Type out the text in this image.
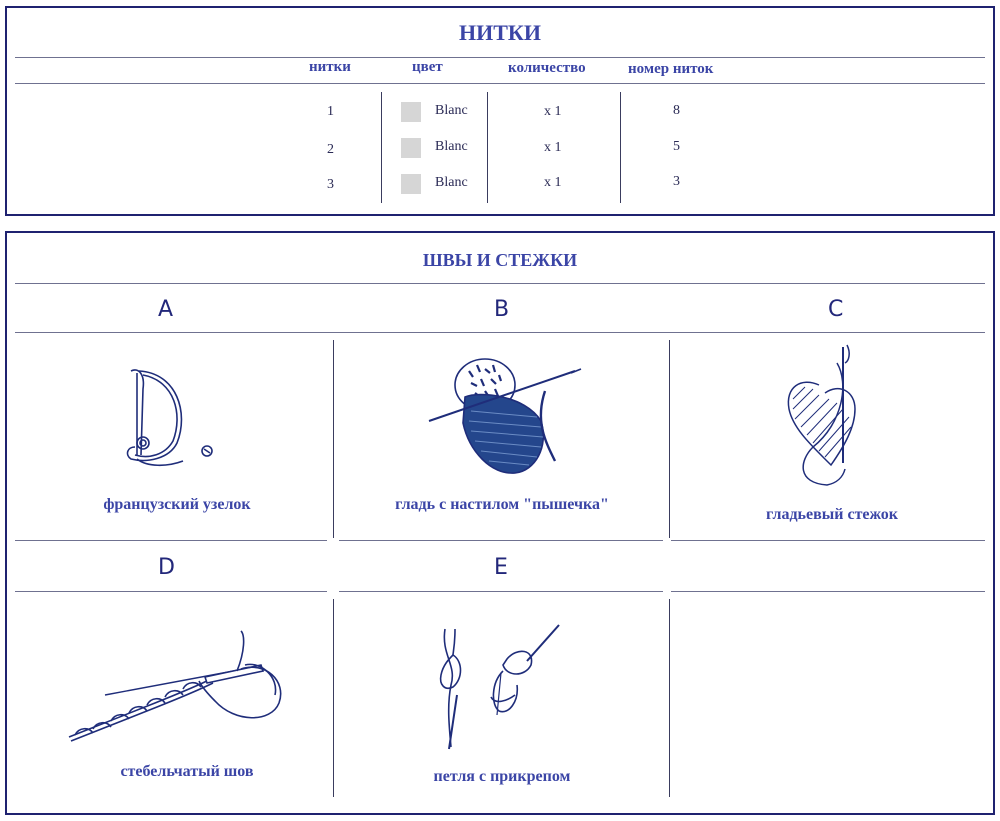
НИТКИ
нитки	цвет	количество	номер ниток
1	Blanc	x 1	8
2	Blanc	x 1	5
3	Blanc	x 1	3
ШВЫ И СТЕЖКИ
A	B	C
французский узелок	гладь с настилом "пышечка"
гладьевый стежок
D	E
стебельчатый шов	петля с прикрепом
